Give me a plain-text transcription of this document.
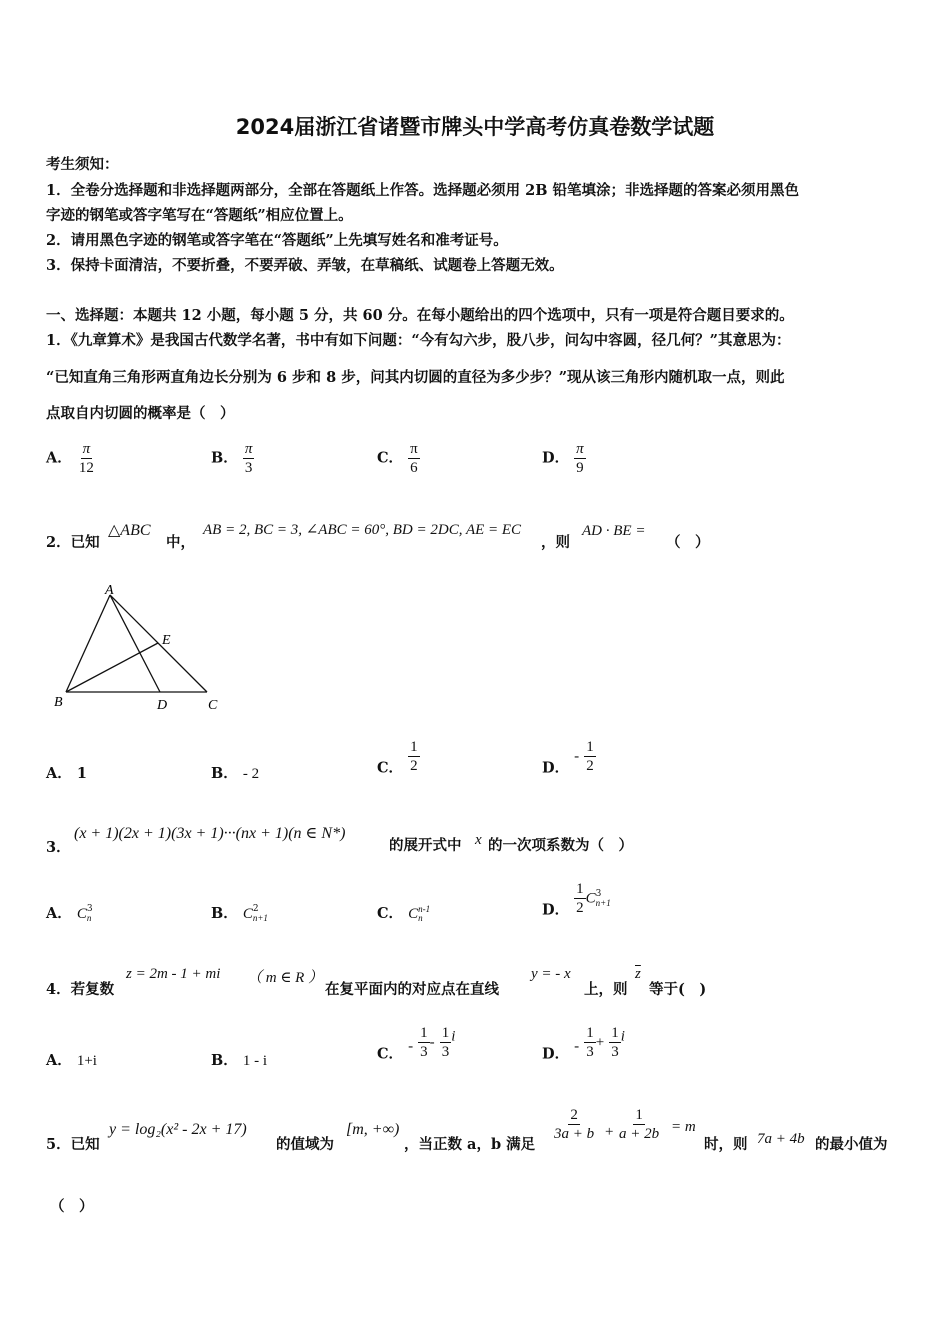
2024届浙江省诸暨市牌头中学高考仿真卷数学试题
考生须知：
1．全卷分选择题和非选择题两部分，全部在答题纸上作答。选择题必须用 2B 铅笔填涂；非选择题的答案必须用黑色
字迹的钢笔或答字笔写在“答题纸”相应位置上。
2．请用黑色字迹的钢笔或答字笔在“答题纸”上先填写姓名和准考证号。
3．保持卡面清洁，不要折叠，不要弄破、弄皱，在草稿纸、试题卷上答题无效。
一、选择题：本题共 12 小题，每小题 5 分，共 60 分。在每小题给出的四个选项中，只有一项是符合题目要求的。
1．《九章算术》是我国古代数学名著，书中有如下问题：“今有勾六步，股八步，问勾中容圆，径几何？”其意思为：
“已知直角三角形两直角边长分别为 6 步和 8 步，问其内切圆的直径为多少步？”现从该三角形内随机取一点，则此
点取自内切圆的概率是（　）
A． $\frac{\pi}{12}$	B． $\frac{\pi}{3}$	C． $\frac{\pi}{6}$	D． $\frac{\pi}{9}$
2．已知
△ABC
中，
AB = 2, BC = 3, ∠ABC = 60°, BD = 2DC, AE = EC
，则
AD · BE =
（　）
A
B	C
D
E
A． 1	B． - 2	C． $\frac{1}{2}$	D． - $\frac{1}{2}$
3．
(x + 1)(2x + 1)(3x + 1)···(nx + 1)(n ∈ N*)
的展开式中 x 的一次项系数为（　）
A． C 3
n	B． C 2
n+1	C． C n-1
n	D． $\frac{1}{2}$ C 3
n+1
4．若复数
z = 2m - 1 + mi （ m ∈ R ）
在复平面内的对应点在直线
y = - x
上，则
$\overline{z}$
等于(　)
A． 1+i	B． 1 - i	C． - $\frac{1}{3} - \frac{1}{3}$ i
D． - $\frac{1}{3} + \frac{1}{3}$ i
5．已知
y = log₂(x² - 2x + 17)
的值域为
[m, +∞)
，当正数 a，b 满足
$\frac{2}{3a + b} + \frac{1}{a + 2b} = m$
时，则 7a + 4b 的最小值为
（　）
